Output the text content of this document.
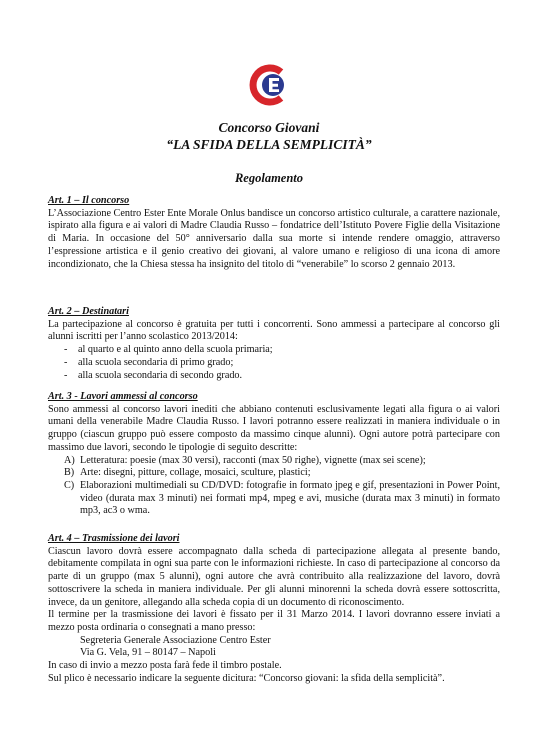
Concorso Giovani
“LA SFIDA DELLA SEMPLICITÀ”
Regolamento

Art. 1 – Il concorso

L’Associazione Centro Ester Ente Morale Onlus bandisce un concorso artistico culturale, a carattere nazionale, ispirato alla figura e ai valori di Madre Claudia Russo – fondatrice dell’Istituto Povere Figlie della Visitazione di Maria. In occasione del 50° anniversario dalla sua morte si intende rendere omaggio, attraverso l’espressione artistica e il genio creativo dei giovani, al valore umano e religioso di una icona di amore incondizionato, che la Chiesa stessa ha insignito del titolo di “venerabile” lo scorso 2 gennaio 2013.

Art. 2 – Destinatari

La partecipazione al concorso è gratuita per tutti i concorrenti. Sono ammessi a partecipare al concorso gli alunni iscritti per l’anno scolastico 2013/2014:

- al quarto e al quinto anno della scuola primaria;
- alla scuola secondaria di primo grado;
- alla scuola secondaria di secondo grado.

Art. 3 - Lavori ammessi al concorso

Sono ammessi al concorso lavori inediti che abbiano contenuti esclusivamente legati alla figura o ai valori umani della venerabile Madre Claudia Russo. I lavori potranno essere realizzati in maniera individuale o in gruppo (ciascun gruppo può essere composto da massimo cinque alunni). Ogni autore potrà partecipare con massimo due lavori, secondo le tipologie di seguito descritte:

A) Letteratura: poesie (max 30 versi), racconti (max 50 righe), vignette (max sei scene);
B) Arte: disegni, pitture, collage, mosaici, sculture, plastici;
C) Elaborazioni multimediali su CD/DVD: fotografie in formato jpeg e gif, presentazioni in Power Point, video (durata max 3 minuti) nei formati mp4, mpeg e avi, musiche (durata max 3 minuti) in formato mp3, ac3 o wma.

Art. 4 – Trasmissione dei lavori

Ciascun lavoro dovrà essere accompagnato dalla scheda di partecipazione allegata al presente bando, debitamente compilata in ogni sua parte con le informazioni richieste. In caso di partecipazione al concorso da parte di un gruppo (max 5 alunni), ogni autore che avrà contribuito alla realizzazione del lavoro, dovrà sottoscrivere la scheda in maniera individuale. Per gli alunni minorenni la scheda dovrà essere sottoscritta, invece, da un genitore, allegando alla scheda copia di un documento di riconoscimento.

Il termine per la trasmissione dei lavori è fissato per il 31 Marzo 2014. I lavori dovranno essere inviati a mezzo posta ordinaria o consegnati a mano presso:

Segreteria Generale Associazione Centro Ester

Via G. Vela, 91 – 80147 – Napoli

In caso di invio a mezzo posta farà fede il timbro postale.

Sul plico è necessario indicare la seguente dicitura: “Concorso giovani: la sfida della semplicità”.
